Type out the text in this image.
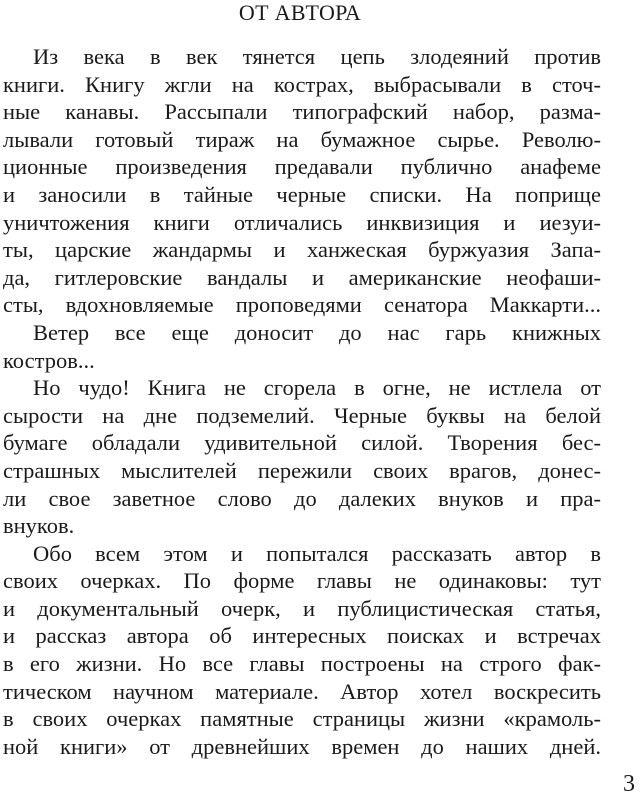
ОТ АВТОРА
Из века в век тянется цепь злодеяний против
книги. Книгу жгли на кострах, выбрасывали в сточ-
ные канавы. Рассыпали типографский набор, разма-
лывали готовый тираж на бумажное сырье. Револю-
ционные произведения предавали публично анафеме
и заносили в тайные черные списки. На поприще
уничтожения книги отличались инквизиция и иезуи-
ты, царские жандармы и ханжеская буржуазия Запа-
да, гитлеровские вандалы и американские неофаши-
сты, вдохновляемые проповедями сенатора Маккарти...
Ветер все еще доносит до нас гарь книжных
костров...
Но чудо! Книга не сгорела в огне, не истлела от
сырости на дне подземелий. Черные буквы на белой
бумаге обладали удивительной силой. Творения бес-
страшных мыслителей пережили своих врагов, донес-
ли свое заветное слово до далеких внуков и пра-
внуков.
Обо всем этом и попытался рассказать автор в
своих очерках. По форме главы не одинаковы: тут
и документальный очерк, и публицистическая статья,
и рассказ автора об интересных поисках и встречах
в его жизни. Но все главы построены на строго фак-
тическом научном материале. Автор хотел воскресить
в своих очерках памятные страницы жизни «крамоль-
ной книги» от древнейших времен до наших дней.
3
